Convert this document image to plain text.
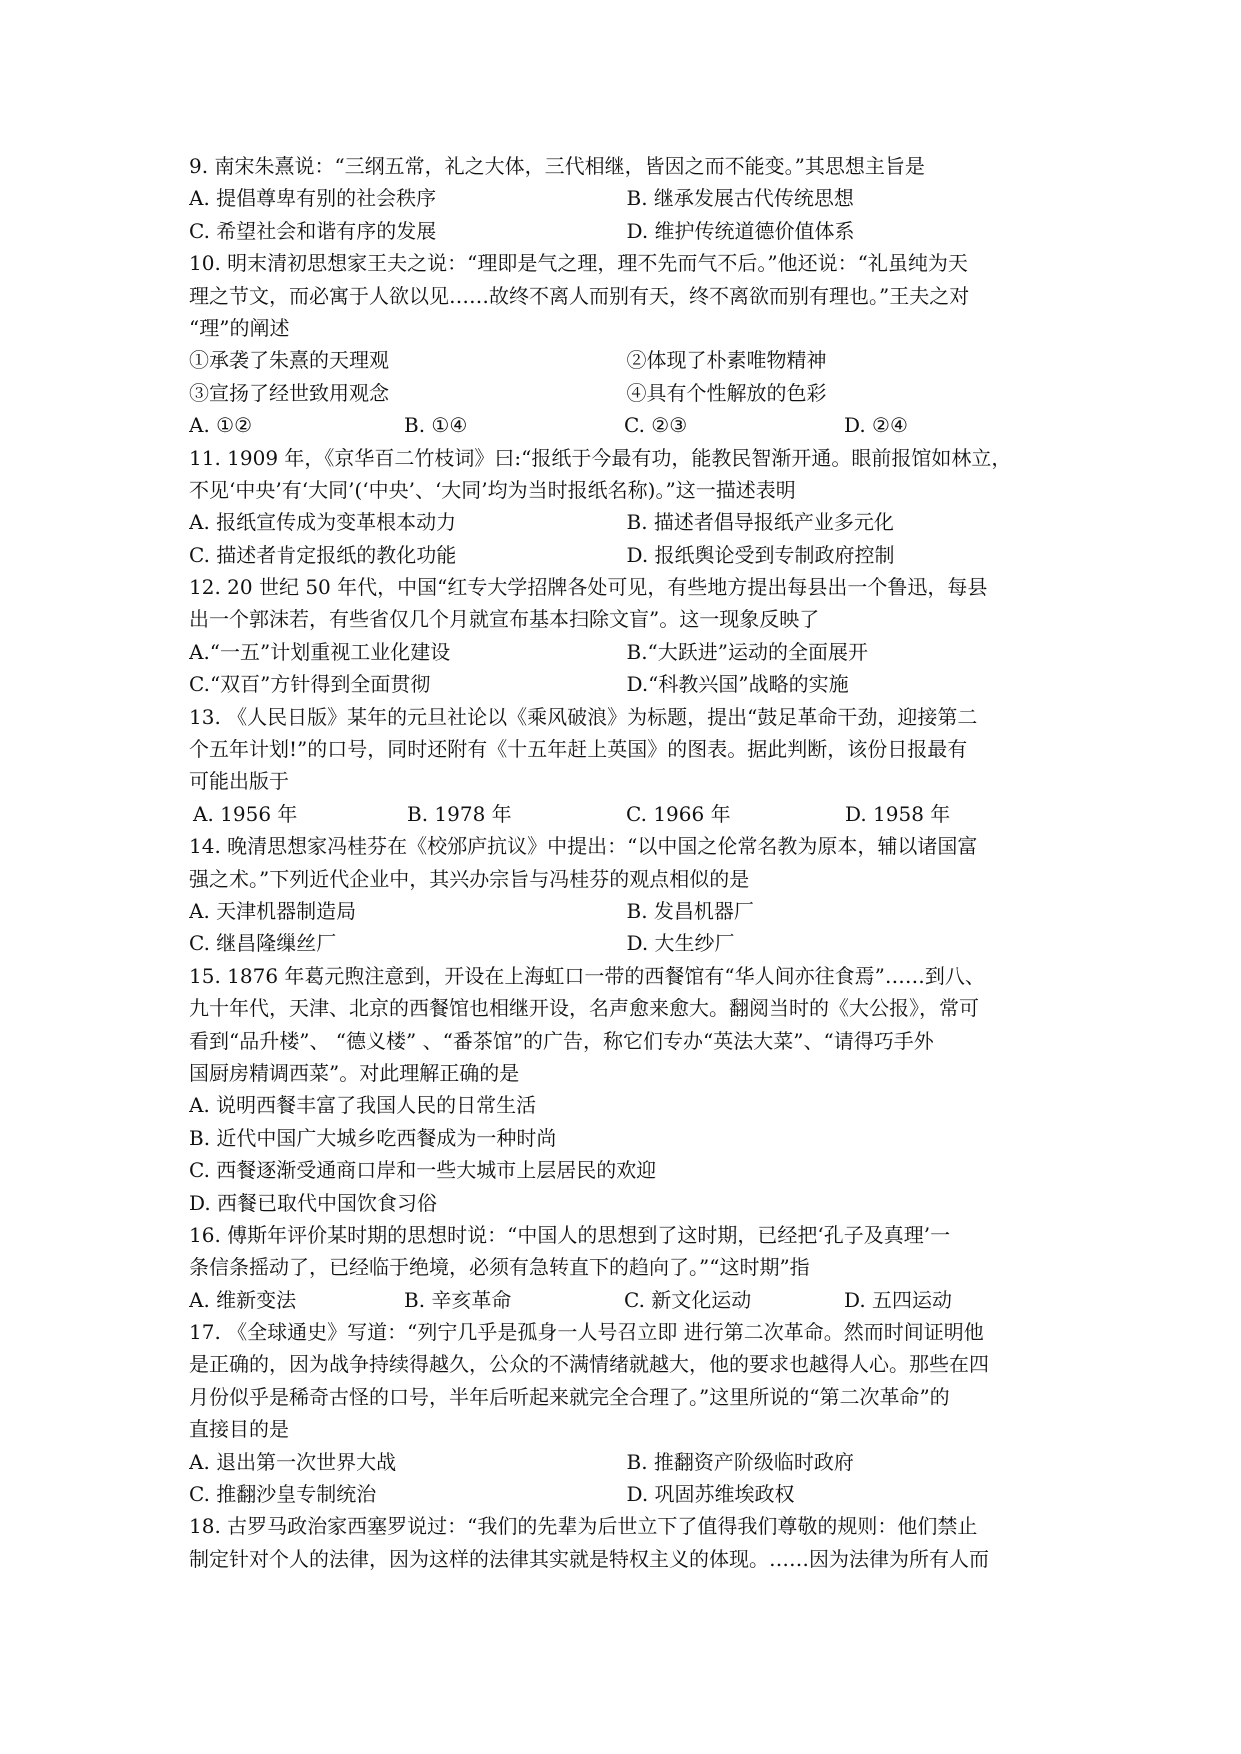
9. 南宋朱熹说：“三纲五常，礼之大体，三代相继，皆因之而不能变。”其思想主旨是
A. 提倡尊卑有别的社会秩序	B. 继承发展古代传统思想
C. 希望社会和谐有序的发展	D. 维护传统道德价值体系
10. 明末清初思想家王夫之说：“理即是气之理，理不先而气不后。”他还说：“礼虽纯为天
理之节文，而必寓于人欲以见……故终不离人而别有天，终不离欲而别有理也。”王夫之对
“理”的阐述
①承袭了朱熹的天理观	②体现了朴素唯物精神
③宣扬了经世致用观念	④具有个性解放的色彩
A. ①②	B. ①④	C. ②③	D. ②④
11. 1909 年，《京华百二竹枝词》曰:“报纸于今最有功，能教民智渐开通。眼前报馆如林立，
不见‘中央’有‘大同’(‘中央’、‘大同’均为当时报纸名称)。”这一描述表明
A. 报纸宣传成为变革根本动力	B. 描述者倡导报纸产业多元化
C. 描述者肯定报纸的教化功能	D. 报纸舆论受到专制政府控制
12. 20 世纪 50 年代，中国“红专大学招牌各处可见，有些地方提出每县出一个鲁迅，每县
出一个郭沫若，有些省仅几个月就宣布基本扫除文盲”。这一现象反映了
A.“一五”计划重视工业化建设	B.“大跃进”运动的全面展开
C.“双百”方针得到全面贯彻	D.“科教兴国”战略的实施
13. 《人民日版》某年的元旦社论以《乘风破浪》为标题，提出“鼓足革命干劲，迎接第二
个五年计划!”的口号，同时还附有《十五年赶上英国》的图表。据此判断，该份日报最有
可能出版于
A. 1956 年	B. 1978 年	C. 1966 年	D. 1958 年
14. 晚清思想家冯桂芬在《校邠庐抗议》中提出：“以中国之伦常名教为原本，辅以诸国富
强之术。”下列近代企业中，其兴办宗旨与冯桂芬的观点相似的是
A. 天津机器制造局	B. 发昌机器厂
C. 继昌隆缫丝厂	D. 大生纱厂
15. 1876 年葛元煦注意到，开设在上海虹口一带的西餐馆有“华人间亦往食焉”……到八、
九十年代，天津、北京的西餐馆也相继开设，名声愈来愈大。翻阅当时的《大公报》，常可
看到“品升楼”、 “德义楼” 、“番茶馆”的广告，称它们专办“英法大菜”、“请得巧手外
国厨房精调西菜”。对此理解正确的是
A. 说明西餐丰富了我国人民的日常生活
B. 近代中国广大城乡吃西餐成为一种时尚
C. 西餐逐渐受通商口岸和一些大城市上层居民的欢迎
D. 西餐已取代中国饮食习俗
16. 傅斯年评价某时期的思想时说：“中国人的思想到了这时期，已经把‘孔子及真理’一
条信条摇动了，已经临于绝境，必须有急转直下的趋向了。”“这时期”指
A. 维新变法	B. 辛亥革命	C. 新文化运动	D. 五四运动
17. 《全球通史》写道：“列宁几乎是孤身一人号召立即 进行第二次革命。然而时间证明他
是正确的，因为战争持续得越久，公众的不满情绪就越大，他的要求也越得人心。那些在四
月份似乎是稀奇古怪的口号，半年后听起来就完全合理了。”这里所说的“第二次革命”的
直接目的是
A. 退出第一次世界大战	B. 推翻资产阶级临时政府
C. 推翻沙皇专制统治	D. 巩固苏维埃政权
18. 古罗马政治家西塞罗说过：“我们的先辈为后世立下了值得我们尊敬的规则：他们禁止
制定针对个人的法律，因为这样的法律其实就是特权主义的体现。……因为法律为所有人而
